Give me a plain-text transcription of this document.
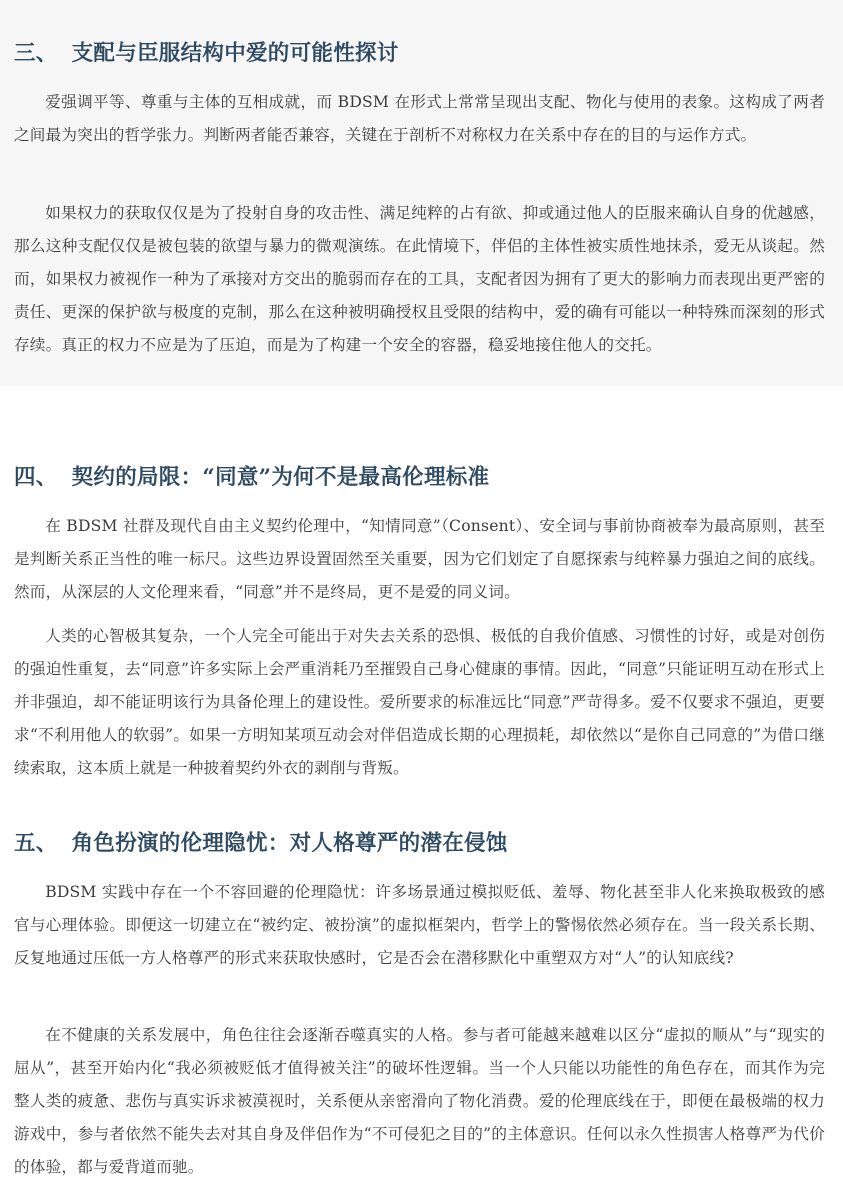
三、 支配与臣服结构中爱的可能性探讨

爱强调平等、尊重与主体的互相成就，而 BDSM 在形式上常常呈现出支配、物化与使用的表象。这构成了两者之间最为突出的哲学张力。判断两者能否兼容，关键在于剖析不对称权力在关系中存在的目的与运作方式。

如果权力的获取仅仅是为了投射自身的攻击性、满足纯粹的占有欲、抑或通过他人的臣服来确认自身的优越感，那么这种支配仅仅是被包装的欲望与暴力的微观演练。在此情境下，伴侣的主体性被实质性地抹杀，爱无从谈起。然而，如果权力被视作一种为了承接对方交出的脆弱而存在的工具，支配者因为拥有了更大的影响力而表现出更严密的责任、更深的保护欲与极度的克制，那么在这种被明确授权且受限的结构中，爱的确有可能以一种特殊而深刻的形式存续。真正的权力不应是为了压迫，而是为了构建一个安全的容器，稳妥地接住他人的交托。

四、 契约的局限：“同意”为何不是最高伦理标准

在 BDSM 社群及现代自由主义契约伦理中，“知情同意”（Consent）、安全词与事前协商被奉为最高原则，甚至是判断关系正当性的唯一标尺。这些边界设置固然至关重要，因为它们划定了自愿探索与纯粹暴力强迫之间的底线。然而，从深层的人文伦理来看，“同意”并不是终局，更不是爱的同义词。

人类的心智极其复杂，一个人完全可能出于对失去关系的恐惧、极低的自我价值感、习惯性的讨好，或是对创伤的强迫性重复，去“同意”许多实际上会严重消耗乃至摧毁自己身心健康的事情。因此，“同意”只能证明互动在形式上并非强迫，却不能证明该行为具备伦理上的建设性。爱所要求的标准远比“同意”严苛得多。爱不仅要求不强迫，更要求“不利用他人的软弱”。如果一方明知某项互动会对伴侣造成长期的心理损耗，却依然以“是你自己同意的”为借口继续索取，这本质上就是一种披着契约外衣的剥削与背叛。

五、 角色扮演的伦理隐忧：对人格尊严的潜在侵蚀

BDSM 实践中存在一个不容回避的伦理隐忧：许多场景通过模拟贬低、羞辱、物化甚至非人化来换取极致的感官与心理体验。即便这一切建立在“被约定、被扮演”的虚拟框架内，哲学上的警惕依然必须存在。当一段关系长期、反复地通过压低一方人格尊严的形式来获取快感时，它是否会在潜移默化中重塑双方对“人”的认知底线?

在不健康的关系发展中，角色往往会逐渐吞噬真实的人格。参与者可能越来越难以区分“虚拟的顺从”与“现实的屈从”，甚至开始内化“我必须被贬低才值得被关注”的破坏性逻辑。当一个人只能以功能性的角色存在，而其作为完整人类的疲惫、悲伤与真实诉求被漠视时，关系便从亲密滑向了物化消费。爱的伦理底线在于，即便在最极端的权力游戏中，参与者依然不能失去对其自身及伴侣作为“不可侵犯之目的”的主体意识。任何以永久性损害人格尊严为代价的体验，都与爱背道而驰。
